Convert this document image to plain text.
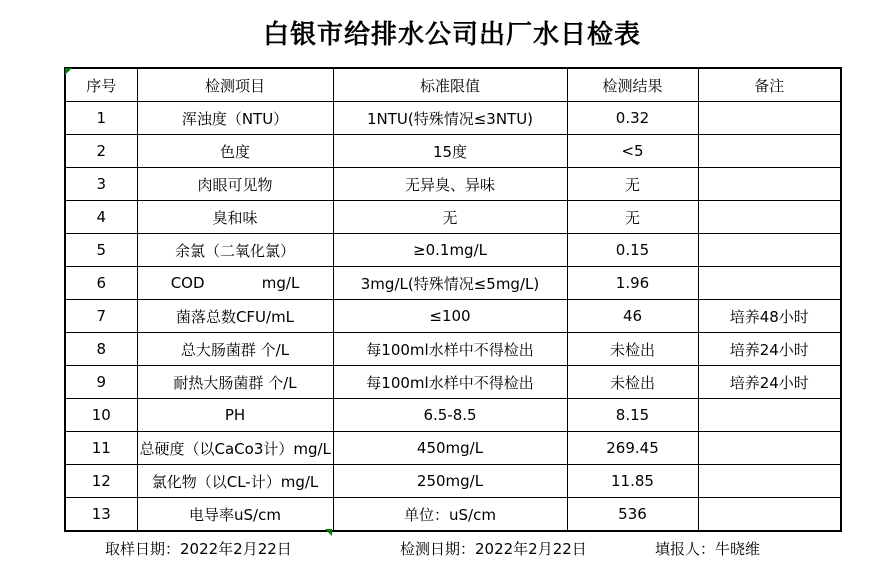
白银市给排水公司出厂水日检表
序号	检测项目	标准限值	检测结果	备注
1	浑浊度（NTU）	1NTU(特殊情况≤3NTU)	0.32	
2	色度	15度	<5	
3	肉眼可见物	无异臭、异味	无	
4	臭和味	无	无	
5	余氯（二氧化氯）	≥0.1mg/L	0.15	
6	COD            mg/L	3mg/L(特殊情况≤5mg/L)	1.96	
7	菌落总数CFU/mL	≤100	46	培养48小时
8	总大肠菌群 个/L	每100ml水样中不得检出	未检出	培养24小时
9	耐热大肠菌群 个/L	每100ml水样中不得检出	未检出	培养24小时
10	PH	6.5-8.5	8.15	
11	总硬度（以CaCo3计）mg/L	450mg/L	269.45	
12	氯化物（以CL-计）mg/L	250mg/L	11.85	
13	电导率uS/cm	单位：uS/cm	536	
取样日期：2022年2月22日	检测日期：2022年2月22日	填报人：牛晓维
